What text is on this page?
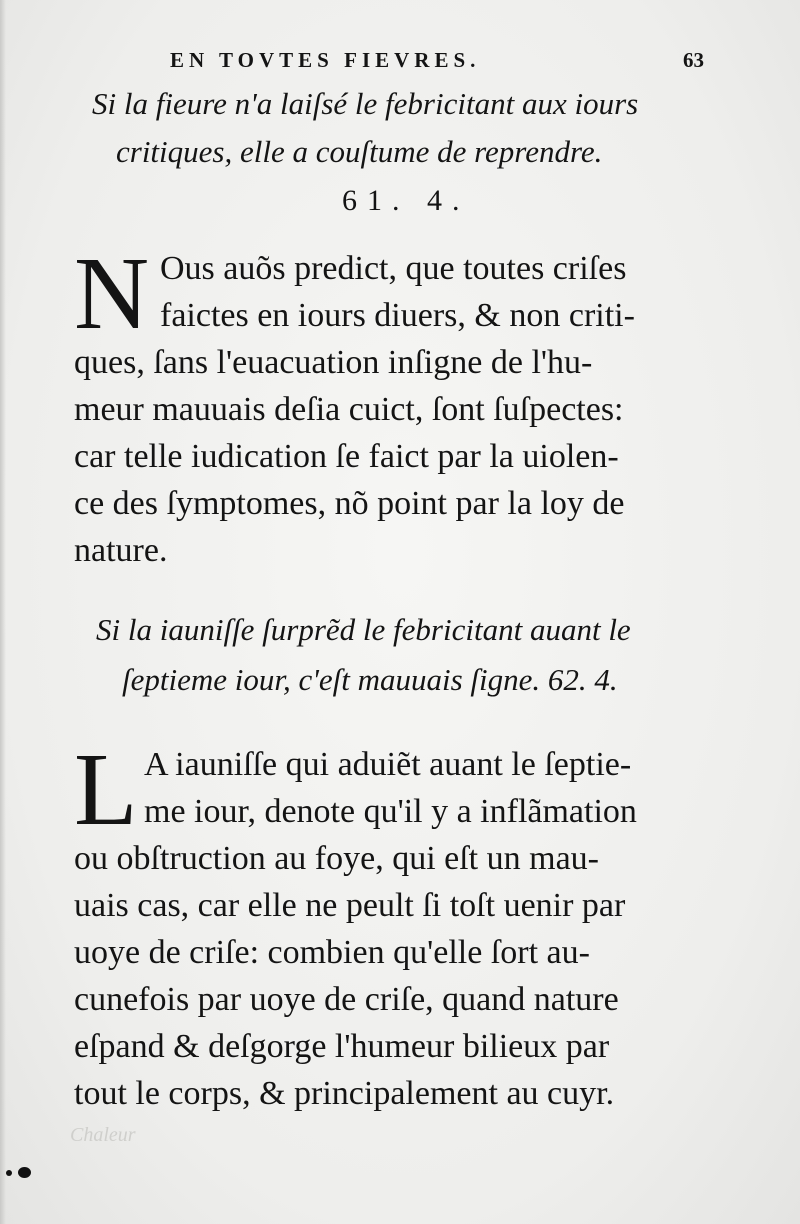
EN TOVTES FIEVRES.	63
Si la fieure n'a laiſsé le febricitant aux iours
critiques, elle a couſtume de reprendre.
61. 4.
N Ous auõs predict, que toutes criſes
faictes en iours diuers, & non criti-
ques, ſans l'euacuation inſigne de l'hu-
meur mauuais deſia cuict, ſont ſuſpectes:
car telle iudication ſe faict par la uiolen-
ce des ſymptomes, nõ point par la loy de
nature.
Si la iauniſſe ſurprẽd le febricitant auant le
ſeptieme iour, c'eſt mauuais ſigne. 62. 4.
L A iauniſſe qui aduiẽt auant le ſeptie-
me iour, denote qu'il y a inflãmation
ou obſtruction au foye, qui eſt un mau-
uais cas, car elle ne peult ſi toſt uenir par
uoye de criſe: combien qu'elle ſort au-
cunefois par uoye de criſe, quand nature
eſpand & deſgorge l'humeur bilieux par
tout le corps, & principalement au cuyr.
Chaleur
